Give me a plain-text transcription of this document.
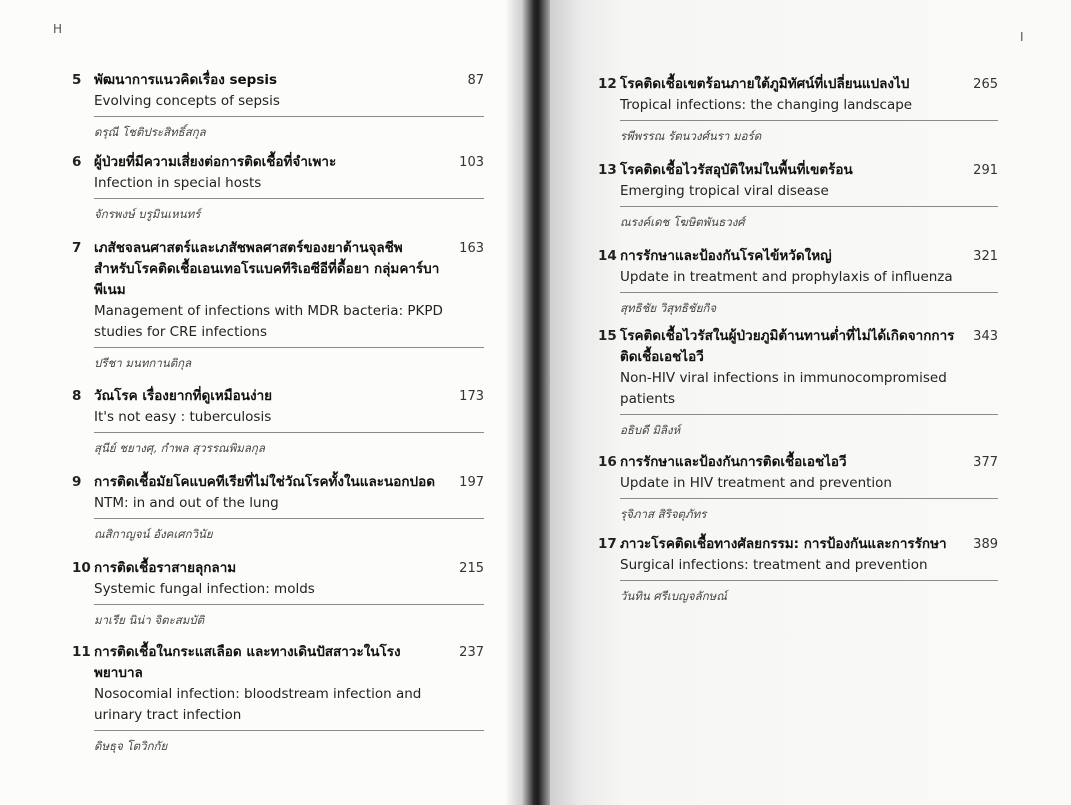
H
5 พัฒนาการแนวคิดเรื่อง sepsis
Evolving concepts of sepsis
87
ดรุณี โชติประสิทธิ์สกุล
6 ผู้ป่วยที่มีความเสี่ยงต่อการติดเชื้อที่จำเพาะ
Infection in special hosts
103
จักรพงษ์ บรูมินเหนทร์
7 เภสัชจลนศาสตร์และเภสัชพลศาสตร์ของยาต้านจุลชีพ สำหรับโรคติดเชื้อเอนเทอโรแบคทีริเอซีอีที่ดื้อยา กลุ่มคาร์บาพีเนม
Management of infections with MDR bacteria: PKPD studies for CRE infections
163
ปรีชา มนทกานติกุล
8 วัณโรค เรื่องยากที่ดูเหมือนง่าย
It's not easy : tuberculosis
173
สุนีย์ ชยางศุ, กำพล สุวรรณพิมลกุล
9 การติดเชื้อมัยโคแบคทีเรียที่ไม่ใช่วัณโรคทั้งในและนอกปอด
NTM: in and out of the lung
197
ณสิกาญจน์ อังคเศกวินัย
10 การติดเชื้อราสายลุกลาม
Systemic fungal infection: molds
215
มาเรีย นิน่า จิตะสมบัติ
11 การติดเชื้อในกระแสเลือด และทางเดินปัสสาวะในโรงพยาบาล
Nosocomial infection: bloodstream infection and urinary tract infection
237
ดิษธุจ โตวิกกัย
I
12 โรคติดเชื้อเขตร้อนภายใต้ภูมิทัศน์ที่เปลี่ยนแปลงไป
Tropical infections: the changing landscape
265
รพีพรรณ รัตนวงศ์นรา มอร์ด
13 โรคติดเชื้อไวรัสอุบัติใหม่ในพื้นที่เขตร้อน
Emerging tropical viral disease
291
ณรงค์เดช โฆษิตพันธวงศ์
14 การรักษาและป้องกันโรคไข้หวัดใหญ่
Update in treatment and prophylaxis of influenza
321
สุทธิชัย วิสุทธิชัยกิจ
15 โรคติดเชื้อไวรัสในผู้ป่วยภูมิต้านทานต่ำที่ไม่ได้เกิดจากการติดเชื้อเอชไอวี
Non-HIV viral infections in immunocompromised patients
343
อธิบดี มิลิงห์
16 การรักษาและป้องกันการติดเชื้อเอชไอวี
Update in HIV treatment and prevention
377
รุจิภาส สิริจตุภัทร
17 ภาวะโรคติดเชื้อทางศัลยกรรม: การป้องกันและการรักษา
Surgical infections: treatment and prevention
389
วันทิน ศรีเบญจลักษณ์
